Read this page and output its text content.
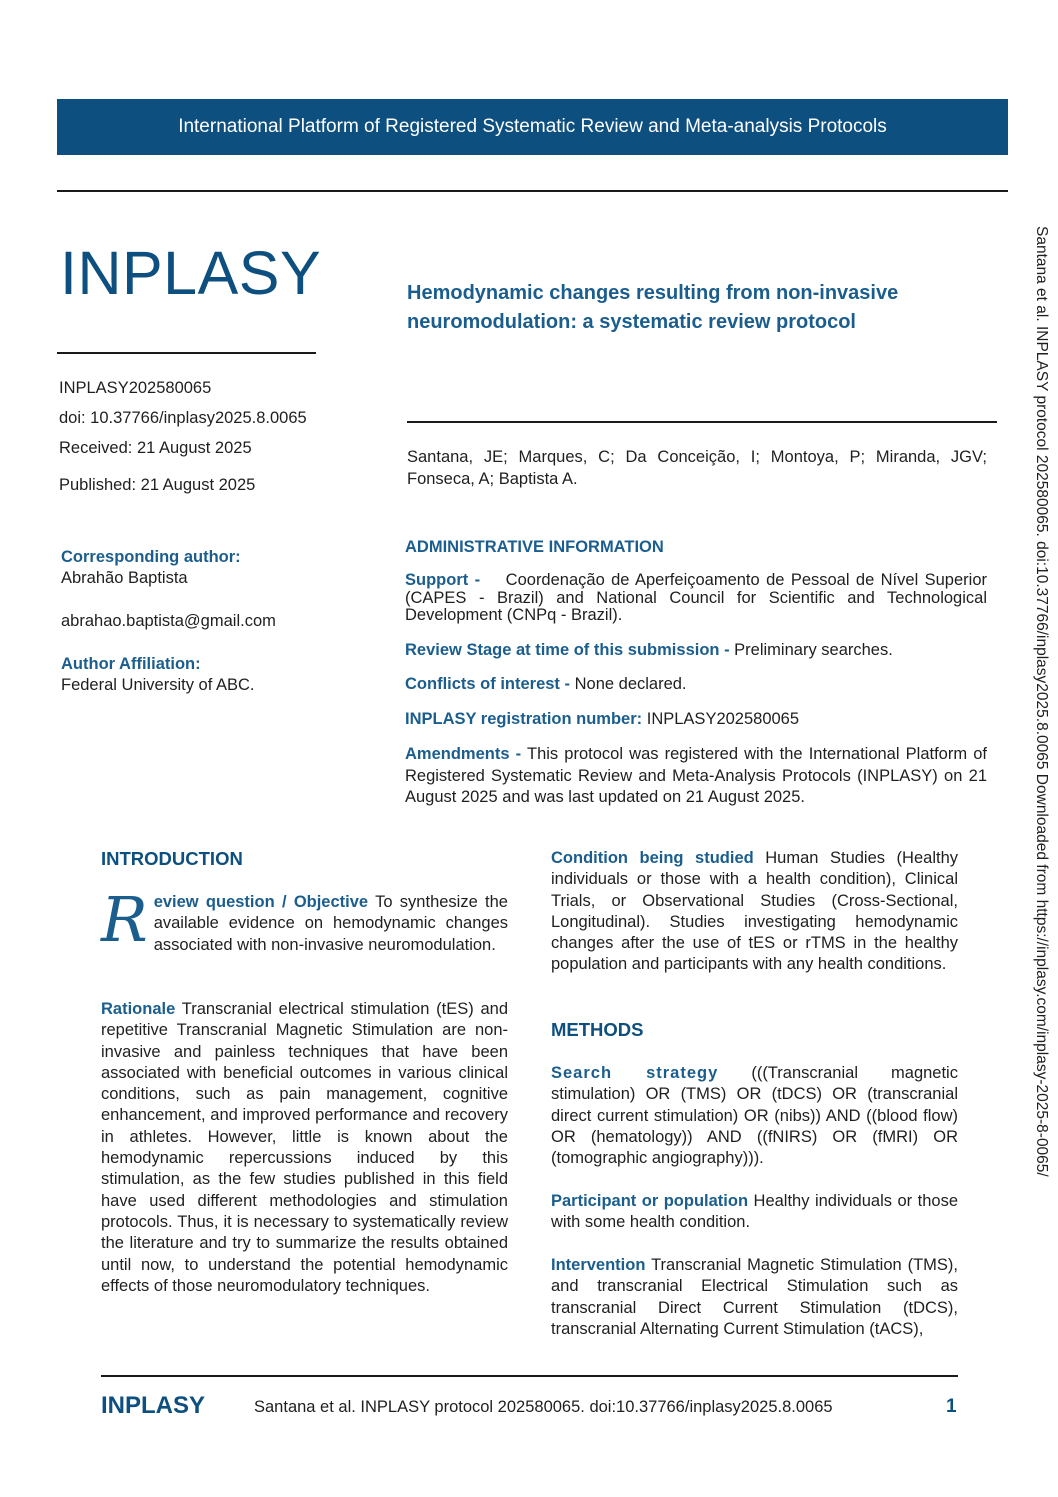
International Platform of Registered Systematic Review and Meta-analysis Protocols
INPLASY
INPLASY202580065
doi: 10.37766/inplasy2025.8.0065
Received: 21 August 2025
Published: 21 August 2025
Hemodynamic changes resulting from non-invasive neuromodulation: a systematic review protocol
Santana, JE; Marques, C; Da Conceição, I; Montoya, P; Miranda, JGV; Fonseca, A; Baptista A.
Corresponding author:
Abrahão Baptista
abrahao.baptista@gmail.com
Author Affiliation:
Federal University of ABC.
ADMINISTRATIVE INFORMATION
Support - Coordenação de Aperfeiçoamento de Pessoal de Nível Superior (CAPES - Brazil) and National Council for Scientific and Technological Development (CNPq - Brazil).
Review Stage at time of this submission - Preliminary searches.
Conflicts of interest - None declared.
INPLASY registration number: INPLASY202580065
Amendments - This protocol was registered with the International Platform of Registered Systematic Review and Meta-Analysis Protocols (INPLASY) on 21 August 2025 and was last updated on 21 August 2025.
INTRODUCTION
R eview question / Objective To synthesize the available evidence on hemodynamic changes associated with non-invasive neuromodulation.
Rationale Transcranial electrical stimulation (tES) and repetitive Transcranial Magnetic Stimulation are non-invasive and painless techniques that have been associated with beneficial outcomes in various clinical conditions, such as pain management, cognitive enhancement, and improved performance and recovery in athletes. However, little is known about the hemodynamic repercussions induced by this stimulation, as the few studies published in this field have used different methodologies and stimulation protocols. Thus, it is necessary to systematically review the literature and try to summarize the results obtained until now, to understand the potential hemodynamic effects of those neuromodulatory techniques.
Condition being studied Human Studies (Healthy individuals or those with a health condition), Clinical Trials, or Observational Studies (Cross-Sectional, Longitudinal). Studies investigating hemodynamic changes after the use of tES or rTMS in the healthy population and participants with any health conditions.
METHODS
Search strategy (((Transcranial magnetic stimulation) OR (TMS) OR (tDCS) OR (transcranial direct current stimulation) OR (nibs)) AND ((blood flow) OR (hematology)) AND ((fNIRS) OR (fMRI) OR (tomographic angiography))).
Participant or population Healthy individuals or those with some health condition.
Intervention Transcranial Magnetic Stimulation (TMS), and transcranial Electrical Stimulation such as transcranial Direct Current Stimulation (tDCS), transcranial Alternating Current Stimulation (tACS),
Santana et al. INPLASY protocol 202580065. doi:10.37766/inplasy2025.8.0065 Downloaded from https://inplasy.com/inplasy-2025-8-0065/
INPLASY	Santana et al. INPLASY protocol 202580065. doi:10.37766/inplasy2025.8.0065	1
